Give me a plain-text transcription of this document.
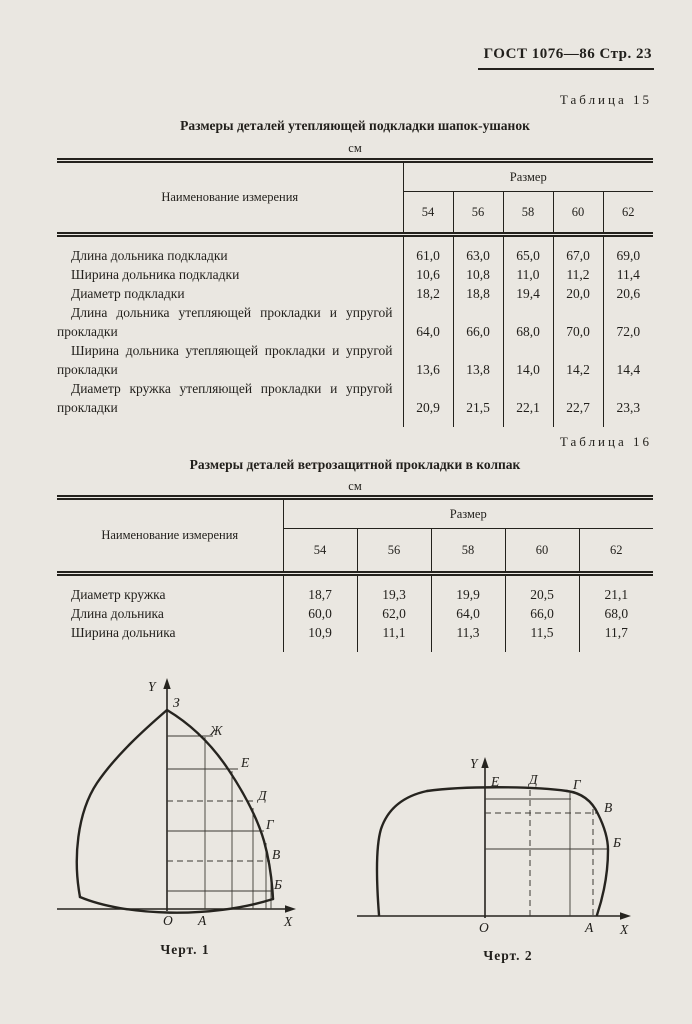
ГОСТ 1076—86 Стр. 23
Таблица 15
Размеры деталей утепляющей подкладки шапок-ушанок
см
Наименование измерения	Размер				
	54	56	58	60	62
Длина дольника подкладки	61,0	63,0	65,0	67,0	69,0
Ширина дольника подкладки	10,6	10,8	11,0	11,2	11,4
Диаметр подкладки	18,2	18,8	19,4	20,0	20,6
Длина дольника утепляющей прокладки и упругой прокладки	64,0	66,0	68,0	70,0	72,0
Ширина дольника утепляющей прокладки и упругой прокладки	13,6	13,8	14,0	14,2	14,4
Диаметр кружка утепляющей прокладки и упругой прокладки	20,9	21,5	22,1	22,7	23,3
Таблица 16
Размеры деталей ветрозащитной прокладки в колпак
см
Наименование измерения	Размер				
	54	56	58	60	62
Диаметр кружка	18,7	19,3	19,9	20,5	21,1
Длина дольника	60,0	62,0	64,0	66,0	68,0
Ширина дольника	10,9	11,1	11,3	11,5	11,7
Y
З
Ж
Е
Д
Г
В
Б
O А	X
Черт. 1
Y
Е Д	Г
В
Б
O	А X
Черт. 2
